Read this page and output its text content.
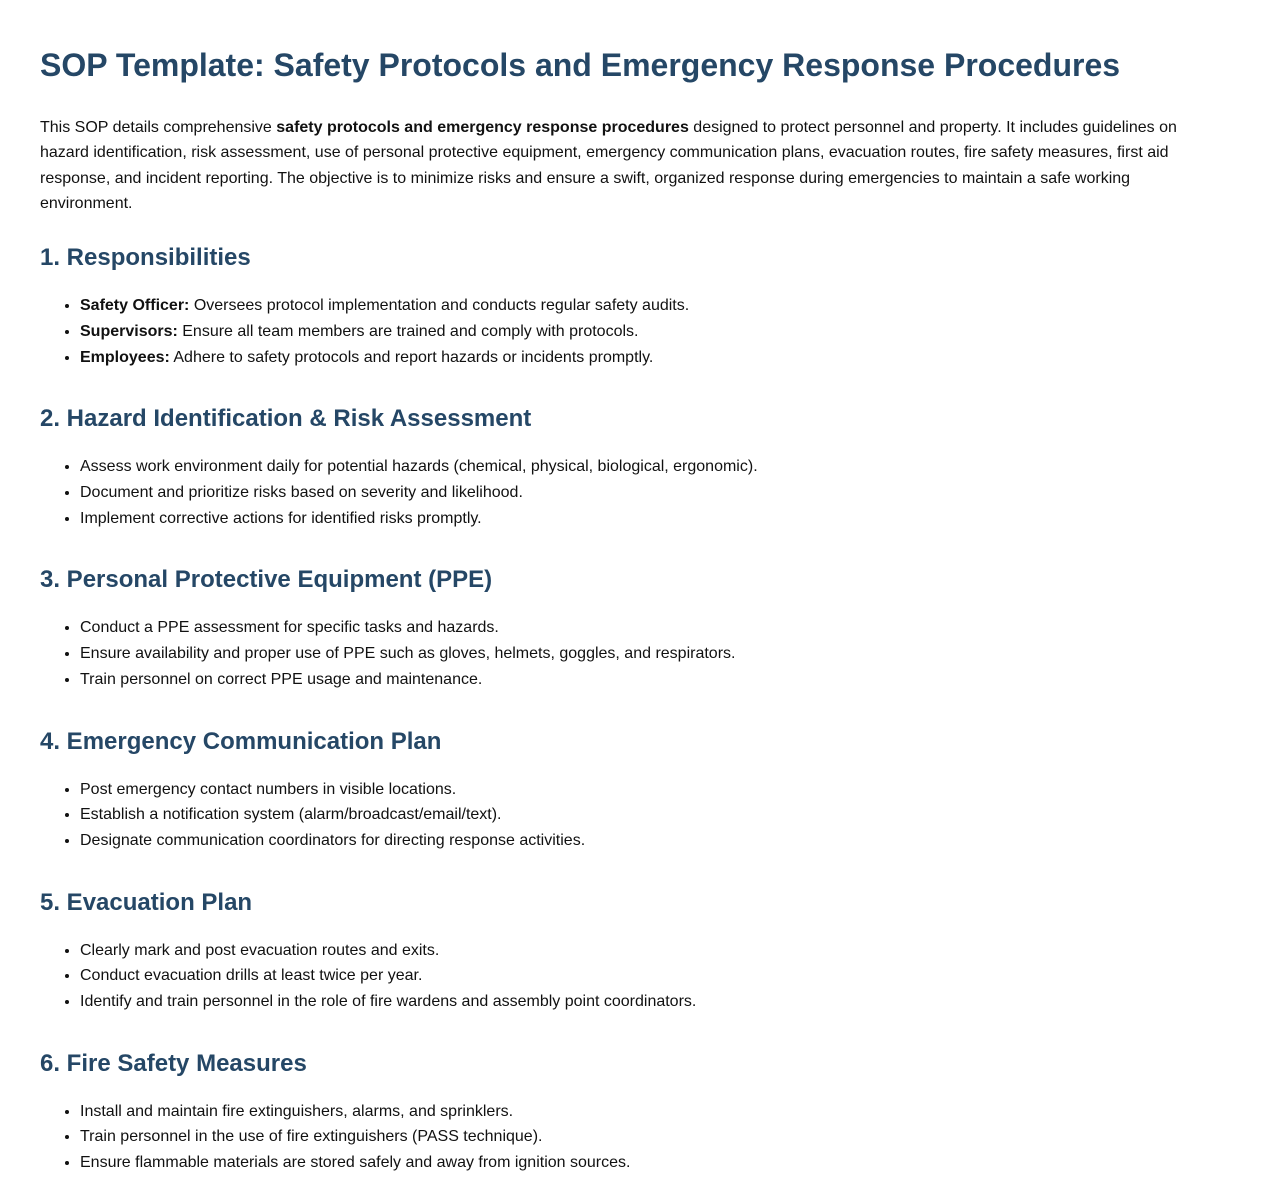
SOP Template: Safety Protocols and Emergency Response Procedures

This SOP details comprehensive safety protocols and emergency response procedures designed to protect personnel and property. It includes guidelines on hazard identification, risk assessment, use of personal protective equipment, emergency communication plans, evacuation routes, fire safety measures, first aid response, and incident reporting. The objective is to minimize risks and ensure a swift, organized response during emergencies to maintain a safe working environment.

1. Responsibilities
• Safety Officer: Oversees protocol implementation and conducts regular safety audits.
• Supervisors: Ensure all team members are trained and comply with protocols.
• Employees: Adhere to safety protocols and report hazards or incidents promptly.
2. Hazard Identification & Risk Assessment
• Assess work environment daily for potential hazards (chemical, physical, biological, ergonomic).
• Document and prioritize risks based on severity and likelihood.
• Implement corrective actions for identified risks promptly.
3. Personal Protective Equipment (PPE)
• Conduct a PPE assessment for specific tasks and hazards.
• Ensure availability and proper use of PPE such as gloves, helmets, goggles, and respirators.
• Train personnel on correct PPE usage and maintenance.
4. Emergency Communication Plan
• Post emergency contact numbers in visible locations.
• Establish a notification system (alarm/broadcast/email/text).
• Designate communication coordinators for directing response activities.
5. Evacuation Plan
• Clearly mark and post evacuation routes and exits.
• Conduct evacuation drills at least twice per year.
• Identify and train personnel in the role of fire wardens and assembly point coordinators.
6. Fire Safety Measures
• Install and maintain fire extinguishers, alarms, and sprinklers.
• Train personnel in the use of fire extinguishers (PASS technique).
• Ensure flammable materials are stored safely and away from ignition sources.
